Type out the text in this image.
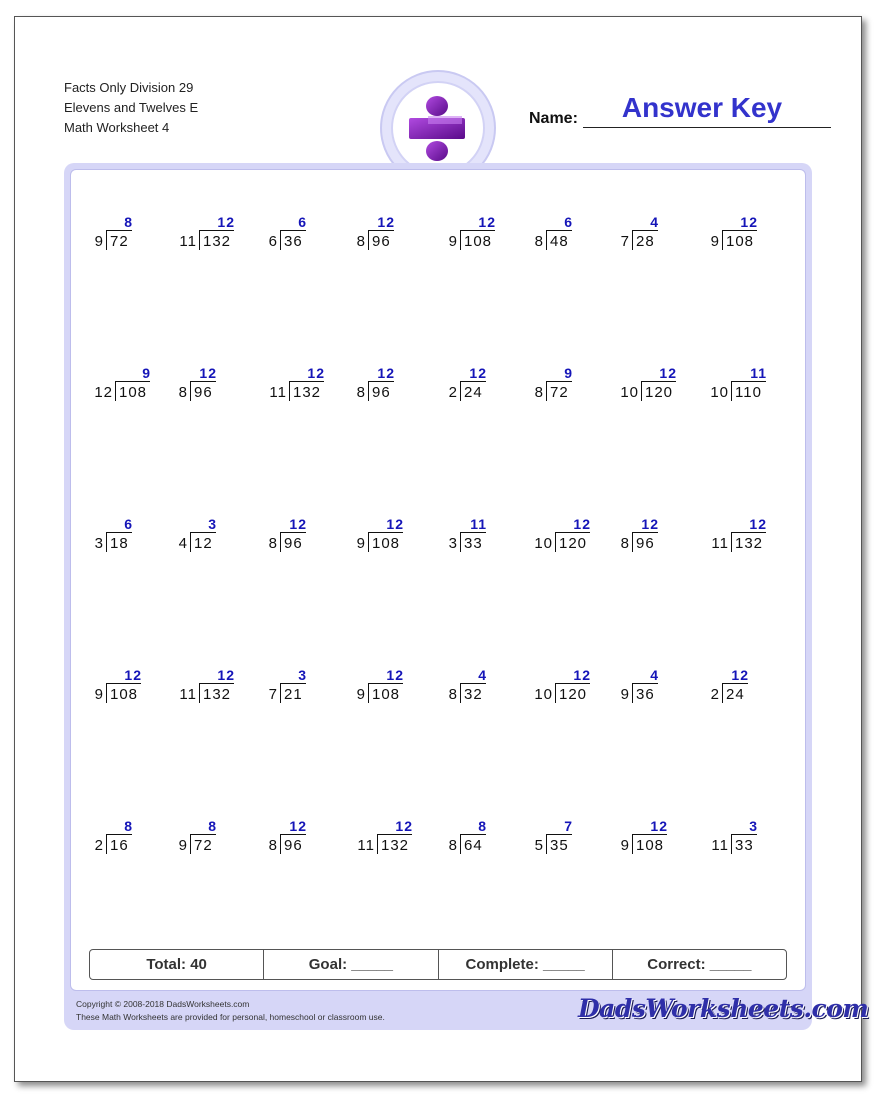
Facts Only Division 29
Elevens and Twelves E
Math Worksheet 4
Name:	Answer Key
8
9 72
12
11 132
6
6 36
12
8 96
12
9 108
6
8 48
4
7 28
12
9 108
9
12 108
12
8 96
12
11 132
12
8 96
12
2 24
9
8 72
12
10 120
11
10 110
6
3 18
3
4 12
12
8 96
12
9 108
11
3 33
12
10 120
12
8 96
12
11 132
12
9 108
12
11 132
3
7 21
12
9 108
4
8 32
12
10 120
4
9 36
12
2 24
8
2 16
8
9 72
12
8 96
12
11 132
8
8 64
7
5 35
12
9 108
3
11 33
Total: 40	Goal: _____	Complete: _____	Correct: _____
Copyright © 2008-2018 DadsWorksheets.com
These Math Worksheets are provided for personal, homeschool or classroom use.	DadsWorksheets.com
